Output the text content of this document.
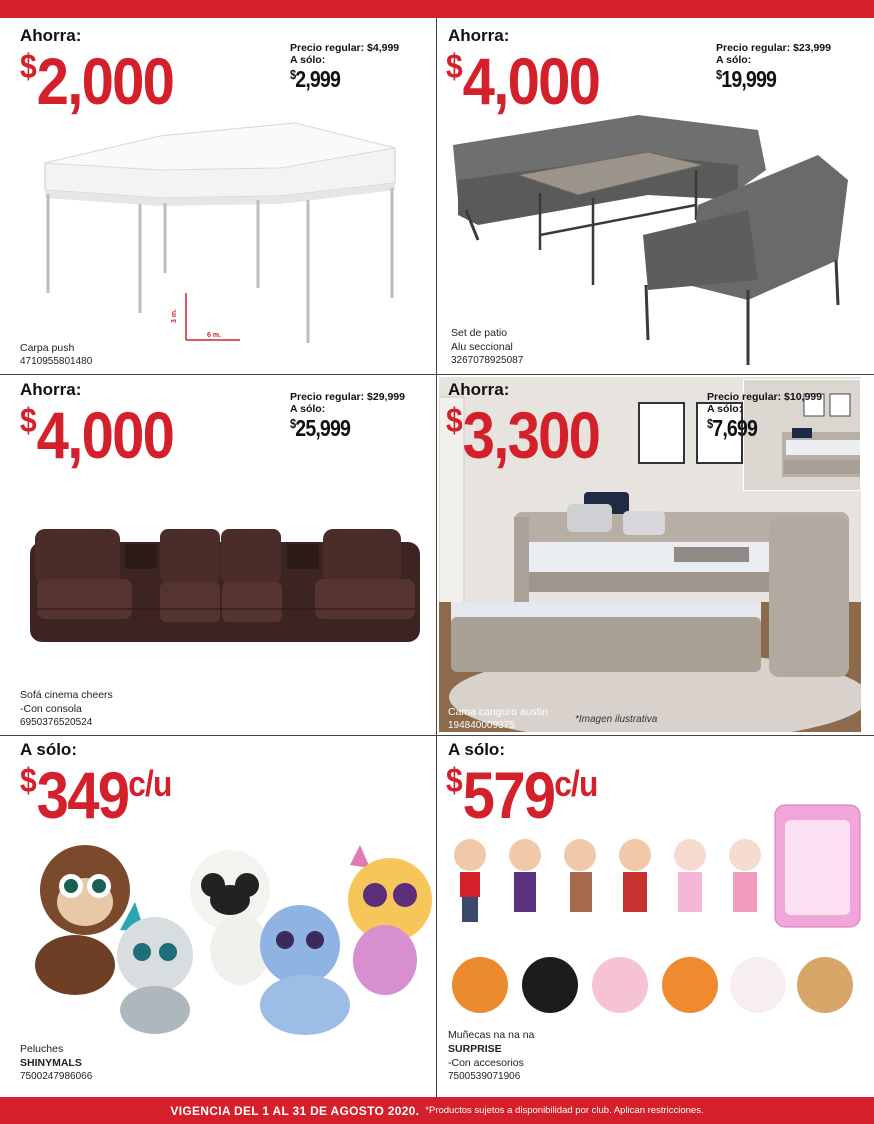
Ahorra:
$2,000	Precio regular: $4,999
A sólo:
$2,999
3 m.
6 m.
Carpa push
4710955801480
Ahorra:
$4,000	Precio regular: $23,999
A sólo:
$19,999
Set de patio
Alu seccional
3267078925087
Ahorra:
$4,000
Precio regular: $29,999
A sólo:
$25,999
Sofá cinema cheers
-Con consola
6950376520524
Ahorra:
$3,300
Precio regular: $10,999
A sólo:
$7,699
Cama canguro austin
194840009375
*Imagen ilustrativa
A sólo:
$^{\$}349^{c/u}$
Peluches
SHINYMALS
7500247986066
A sólo:
$^{\$}579^{c/u}$
Muñecas na na na
SURPRISE
-Con accesorios
7500539071906
VIGENCIA DEL 1 AL 31 DE AGOSTO 2020. *Productos sujetos a disponibilidad por club. Aplican restricciones.
